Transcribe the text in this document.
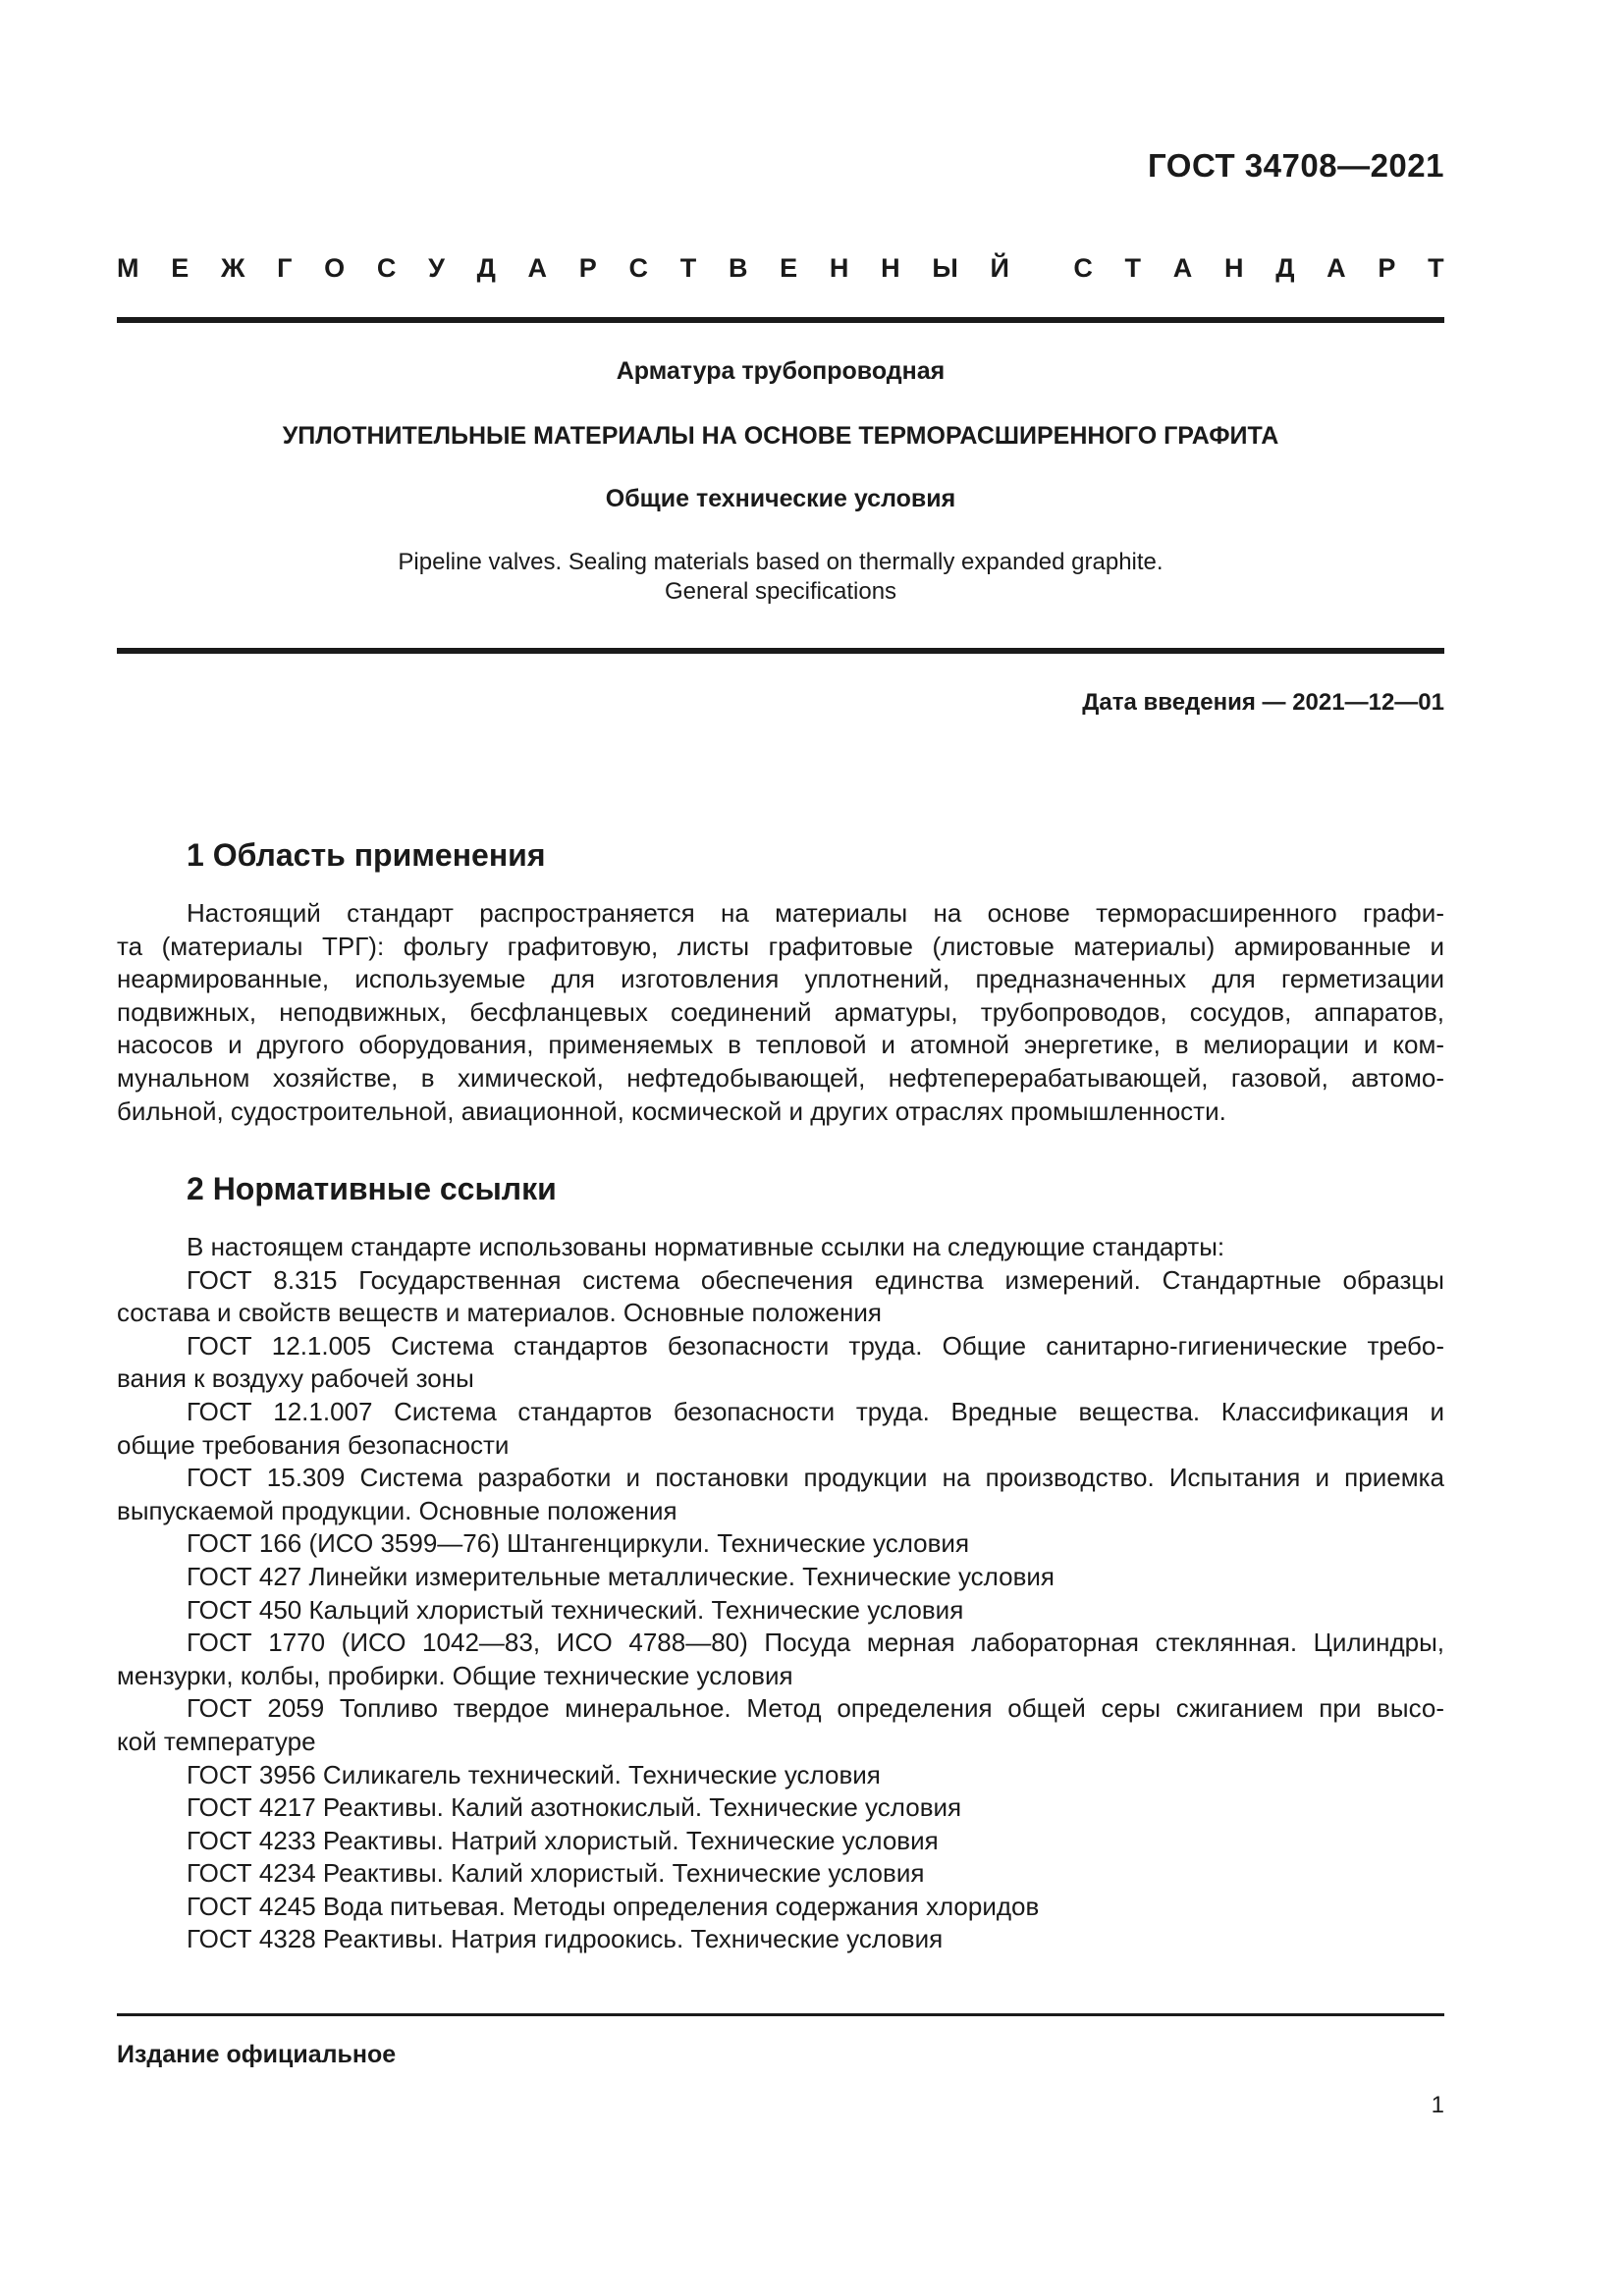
ГОСТ 34708—2021
М Е Ж Г О С У Д А Р С Т В Е Н Н Ы Й С Т А Н Д А Р Т
Арматура трубопроводная
УПЛОТНИТЕЛЬНЫЕ МАТЕРИАЛЫ НА ОСНОВЕ ТЕРМОРАСШИРЕННОГО ГРАФИТА
Общие технические условия
Pipeline valves. Sealing materials based on thermally expanded graphite.
General specifications
Дата введения — 2021—12—01
1 Область применения
Настоящий стандарт распространяется на материалы на основе терморасширенного графи-
та (материалы ТРГ): фольгу графитовую, листы графитовые (листовые материалы) армированные и
неармированные, используемые для изготовления уплотнений, предназначенных для герметизации
подвижных, неподвижных, бесфланцевых соединений арматуры, трубопроводов, сосудов, аппаратов,
насосов и другого оборудования, применяемых в тепловой и атомной энергетике, в мелиорации и ком-
мунальном хозяйстве, в химической, нефтедобывающей, нефтеперерабатывающей, газовой, автомо-
бильной, судостроительной, авиационной, космической и других отраслях промышленности.
2 Нормативные ссылки
В настоящем стандарте использованы нормативные ссылки на следующие стандарты:
ГОСТ 8.315 Государственная система обеспечения единства измерений. Стандартные образцы
состава и свойств веществ и материалов. Основные положения
ГОСТ 12.1.005 Система стандартов безопасности труда. Общие санитарно-гигиенические требо-
вания к воздуху рабочей зоны
ГОСТ 12.1.007 Система стандартов безопасности труда. Вредные вещества. Классификация и
общие требования безопасности
ГОСТ 15.309 Система разработки и постановки продукции на производство. Испытания и приемка
выпускаемой продукции. Основные положения
ГОСТ 166 (ИСО 3599—76) Штангенциркули. Технические условия
ГОСТ 427 Линейки измерительные металлические. Технические условия
ГОСТ 450 Кальций хлористый технический. Технические условия
ГОСТ 1770 (ИСО 1042—83, ИСО 4788—80) Посуда мерная лабораторная стеклянная. Цилиндры,
мензурки, колбы, пробирки. Общие технические условия
ГОСТ 2059 Топливо твердое минеральное. Метод определения общей серы сжиганием при высо-
кой температуре
ГОСТ 3956 Силикагель технический. Технические условия
ГОСТ 4217 Реактивы. Калий азотнокислый. Технические условия
ГОСТ 4233 Реактивы. Натрий хлористый. Технические условия
ГОСТ 4234 Реактивы. Калий хлористый. Технические условия
ГОСТ 4245 Вода питьевая. Методы определения содержания хлоридов
ГОСТ 4328 Реактивы. Натрия гидроокись. Технические условия
Издание официальное
1
